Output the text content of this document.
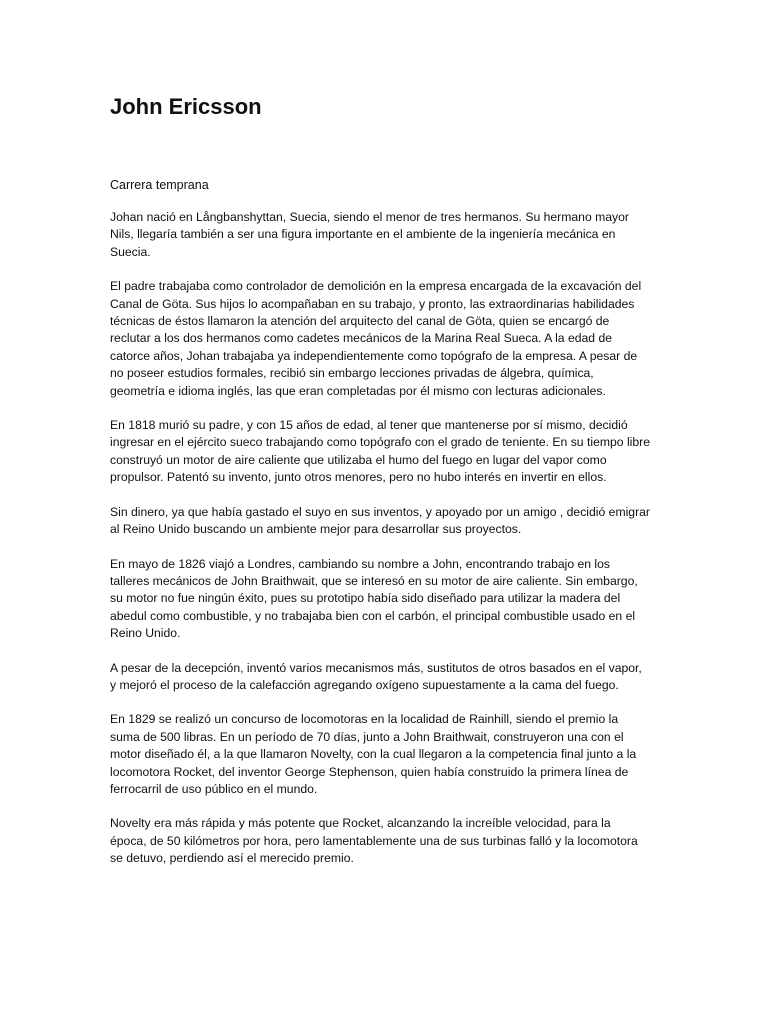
John Ericsson
Carrera temprana

Johan nació en Långbanshyttan, Suecia, siendo el menor de tres hermanos. Su hermano mayor Nils, llegaría también a ser una figura importante en el ambiente de la ingeniería mecánica en Suecia.

El padre trabajaba como controlador de demolición en la empresa encargada de la excavación del Canal de Göta. Sus hijos lo acompañaban en su trabajo, y pronto, las extraordinarias habilidades técnicas de éstos llamaron la atención del arquitecto del canal de Göta, quien se encargó de reclutar a los dos hermanos como cadetes mecánicos de la Marina Real Sueca. A la edad de catorce años, Johan trabajaba ya independientemente como topógrafo de la empresa. A pesar de no poseer estudios formales, recibió sin embargo lecciones privadas de álgebra, química, geometría e idioma inglés, las que eran completadas por él mismo con lecturas adicionales.

En 1818 murió su padre, y con 15 años de edad, al tener que mantenerse por sí mismo, decidió ingresar en el ejército sueco trabajando como topógrafo con el grado de teniente. En su tiempo libre construyó un motor de aire caliente que utilizaba el humo del fuego en lugar del vapor como propulsor. Patentó su invento, junto otros menores, pero no hubo interés en invertir en ellos.

Sin dinero, ya que había gastado el suyo en sus inventos, y apoyado por un amigo , decidió emigrar al Reino Unido buscando un ambiente mejor para desarrollar sus proyectos.

En mayo de 1826 viajó a Londres, cambiando su nombre a John, encontrando trabajo en los talleres mecánicos de John Braithwait, que se interesó en su motor de aire caliente. Sin embargo, su motor no fue ningún éxito, pues su prototipo había sido diseñado para utilizar la madera del abedul como combustible, y no trabajaba bien con el carbón, el principal combustible usado en el Reino Unido.

A pesar de la decepción, inventó varios mecanismos más, sustitutos de otros basados en el vapor, y mejoró el proceso de la calefacción agregando oxígeno supuestamente a la cama del fuego.

En 1829 se realizó un concurso de locomotoras en la localidad de Rainhill, siendo el premio la suma de 500 libras. En un período de 70 días, junto a John Braithwait, construyeron una con el motor diseñado él, a la que llamaron Novelty, con la cual llegaron a la competencia final junto a la locomotora Rocket, del inventor George Stephenson, quien había construido la primera línea de ferrocarril de uso público en el mundo.

Novelty era más rápida y más potente que Rocket, alcanzando la increíble velocidad, para la época, de 50 kilómetros por hora, pero lamentablemente una de sus turbinas falló y la locomotora se detuvo, perdiendo así el merecido premio.
